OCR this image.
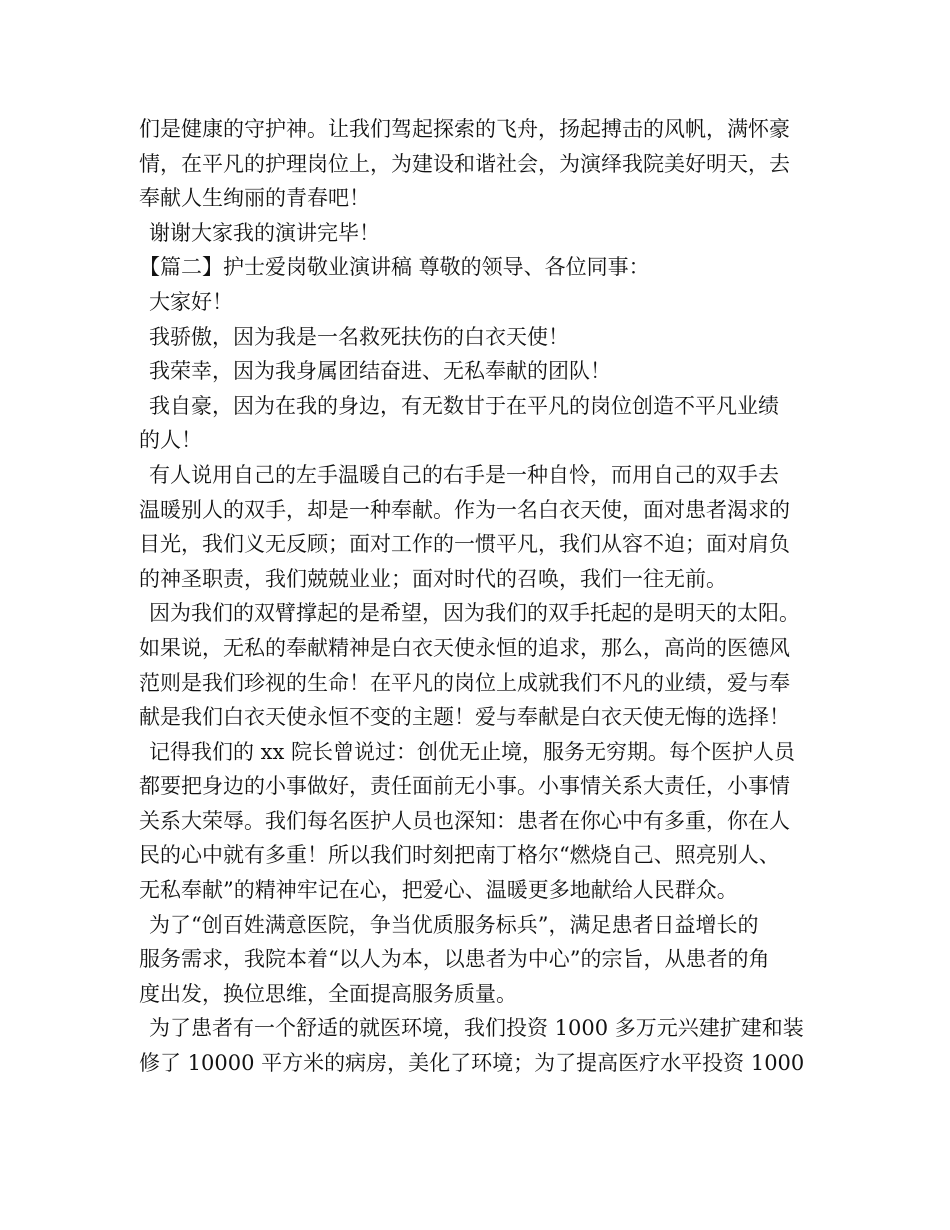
们是健康的守护神。让我们驾起探索的飞舟，扬起搏击的风帆，满怀豪
情，在平凡的护理岗位上，为建设和谐社会，为演绎我院美好明天，去
奉献人生绚丽的青春吧！
谢谢大家我的演讲完毕！
【篇二】护士爱岗敬业演讲稿 尊敬的领导、各位同事：
大家好！
我骄傲，因为我是一名救死扶伤的白衣天使！
我荣幸，因为我身属团结奋进、无私奉献的团队！
我自豪，因为在我的身边，有无数甘于在平凡的岗位创造不平凡业绩
的人！
有人说用自己的左手温暖自己的右手是一种自怜，而用自己的双手去
温暖别人的双手，却是一种奉献。作为一名白衣天使，面对患者渴求的
目光，我们义无反顾；面对工作的一惯平凡，我们从容不迫；面对肩负
的神圣职责，我们兢兢业业；面对时代的召唤，我们一往无前。
因为我们的双臂撑起的是希望，因为我们的双手托起的是明天的太阳。
如果说，无私的奉献精神是白衣天使永恒的追求，那么，高尚的医德风
范则是我们珍视的生命！在平凡的岗位上成就我们不凡的业绩，爱与奉
献是我们白衣天使永恒不变的主题！爱与奉献是白衣天使无悔的选择！
记得我们的 xx 院长曾说过：创优无止境，服务无穷期。每个医护人员
都要把身边的小事做好，责任面前无小事。小事情关系大责任，小事情
关系大荣辱。我们每名医护人员也深知：患者在你心中有多重，你在人
民的心中就有多重！所以我们时刻把南丁格尔“燃烧自己、照亮别人、
无私奉献”的精神牢记在心，把爱心、温暖更多地献给人民群众。
为了“创百姓满意医院，争当优质服务标兵”，满足患者日益增长的
服务需求，我院本着“以人为本，以患者为中心”的宗旨，从患者的角
度出发，换位思维，全面提高服务质量。
为了患者有一个舒适的就医环境，我们投资 1000 多万元兴建扩建和装
修了 10000 平方米的病房，美化了环境；为了提高医疗水平投资 1000
